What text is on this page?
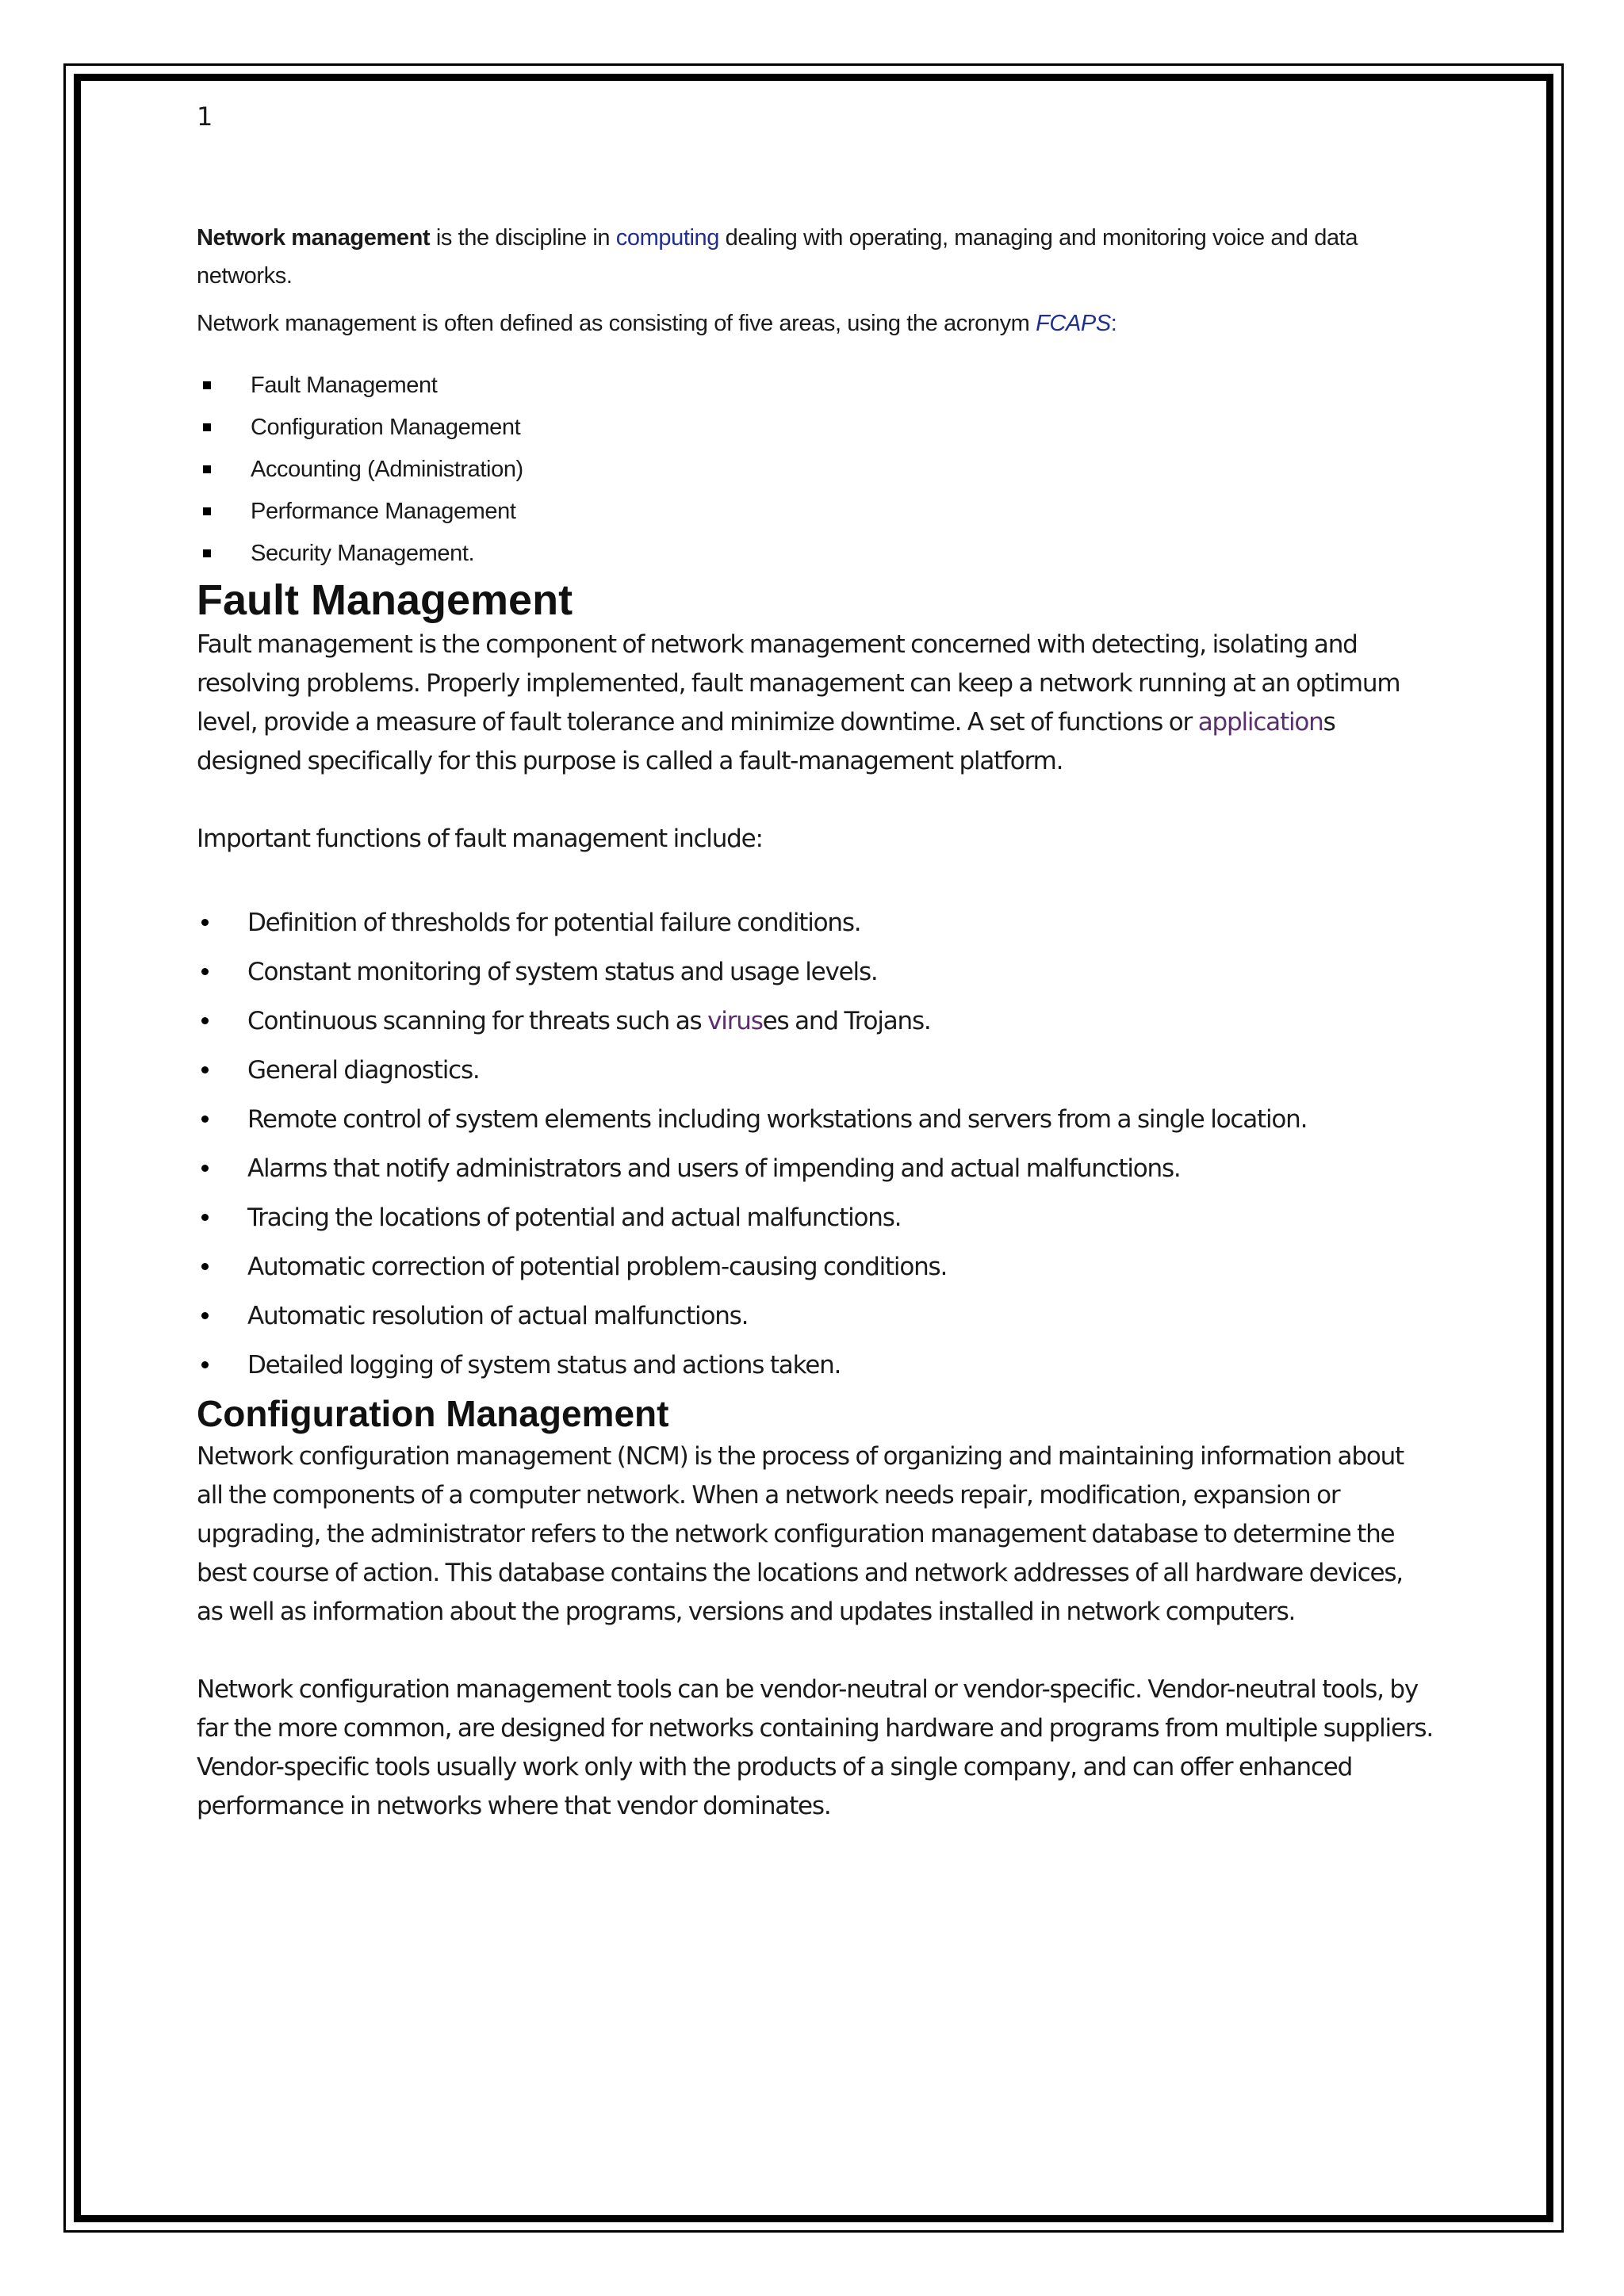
1

Network management is the discipline in computing dealing with operating, managing and monitoring voice and data networks.

Network management is often defined as consisting of five areas, using the acronym FCAPS:

Fault Management
Configuration Management
Accounting (Administration)
Performance Management
Security Management.
Fault Management

Fault management is the component of network management concerned with detecting, isolating and resolving problems. Properly implemented, fault management can keep a network running at an optimum level, provide a measure of fault tolerance and minimize downtime. A set of functions or applications designed specifically for this purpose is called a fault-management platform.

Important functions of fault management include:

Definition of thresholds for potential failure conditions.
Constant monitoring of system status and usage levels.
Continuous scanning for threats such as viruses and Trojans.
General diagnostics.
Remote control of system elements including workstations and servers from a single location.
Alarms that notify administrators and users of impending and actual malfunctions.
Tracing the locations of potential and actual malfunctions.
Automatic correction of potential problem-causing conditions.
Automatic resolution of actual malfunctions.
Detailed logging of system status and actions taken.
Configuration Management

Network configuration management (NCM) is the process of organizing and maintaining information about all the components of a computer network. When a network needs repair, modification, expansion or upgrading, the administrator refers to the network configuration management database to determine the best course of action. This database contains the locations and network addresses of all hardware devices, as well as information about the programs, versions and updates installed in network computers.

Network configuration management tools can be vendor-neutral or vendor-specific. Vendor-neutral tools, by far the more common, are designed for networks containing hardware and programs from multiple suppliers. Vendor-specific tools usually work only with the products of a single company, and can offer enhanced performance in networks where that vendor dominates.
